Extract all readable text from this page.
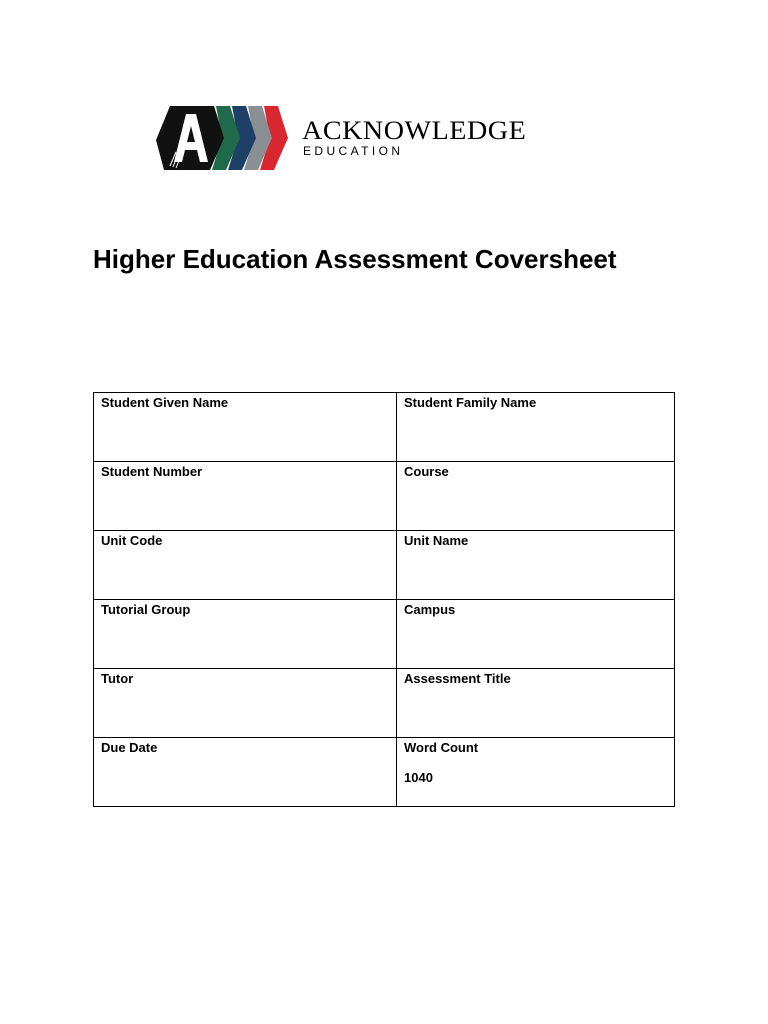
ACKNOWLEDGE
EDUCATION
Higher Education Assessment Coversheet
Student Given Name	Student Family Name

Student Number	Course

Unit Code	Unit Name

Tutorial Group	Campus

Tutor	Assessment Title

Due Date	Word Count
1040
